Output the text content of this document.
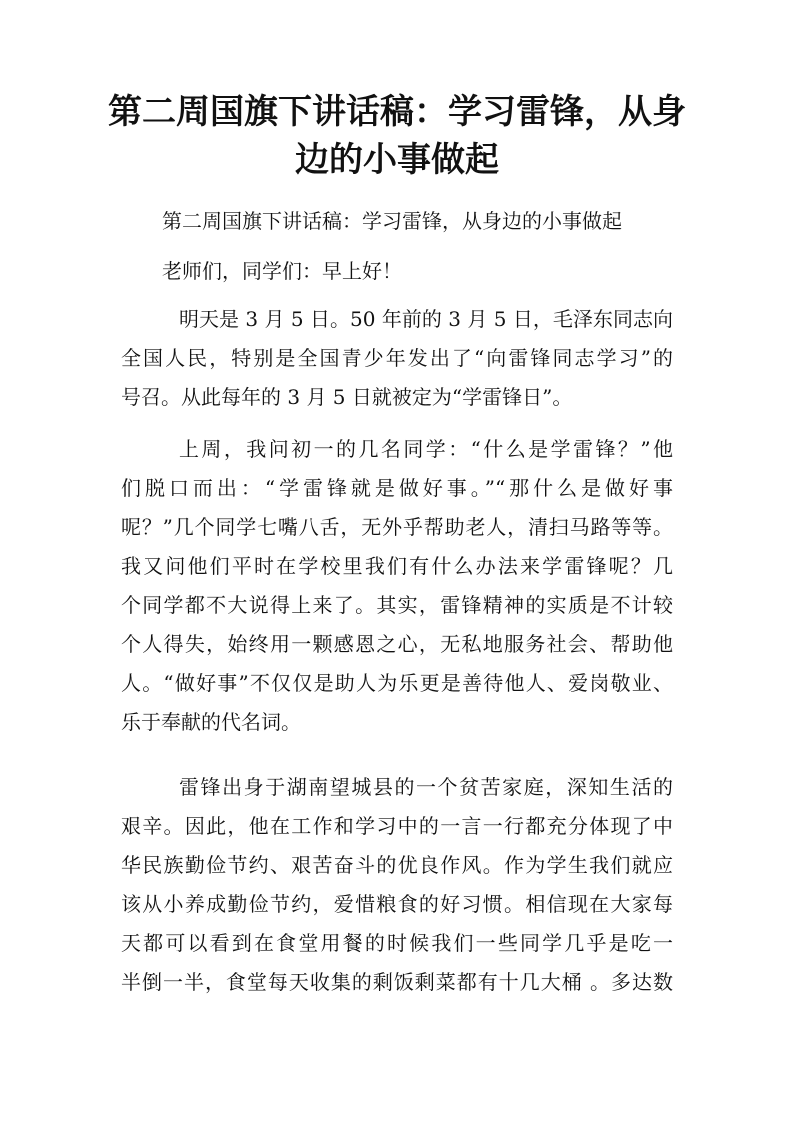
第二周国旗下讲话稿：学习雷锋，从身
边的小事做起

第二周国旗下讲话稿：学习雷锋，从身边的小事做起

老师们，同学们：早上好！

明天是 3 月 5 日。50 年前的 3 月 5 日，毛泽东同志向
全国人民，特别是全国青少年发出了“向雷锋同志学习”的
号召。从此每年的 3 月 5 日就被定为“学雷锋日”。
上周，我问初一的几名同学：“什么是学雷锋？”他
们脱口而出：“学雷锋就是做好事。”“那什么是做好事
呢？”几个同学七嘴八舌，无外乎帮助老人，清扫马路等等。
我又问他们平时在学校里我们有什么办法来学雷锋呢？几
个同学都不大说得上来了。其实，雷锋精神的实质是不计较
个人得失，始终用一颗感恩之心，无私地服务社会、帮助他
人。“做好事”不仅仅是助人为乐更是善待他人、爱岗敬业、
乐于奉献的代名词。
雷锋出身于湖南望城县的一个贫苦家庭，深知生活的
艰辛。因此，他在工作和学习中的一言一行都充分体现了中
华民族勤俭节约、艰苦奋斗的优良作风。作为学生我们就应
该从小养成勤俭节约，爱惜粮食的好习惯。相信现在大家每
天都可以看到在食堂用餐的时候我们一些同学几乎是吃一
半倒一半，食堂每天收集的剩饭剩菜都有十几大桶 。多达数
